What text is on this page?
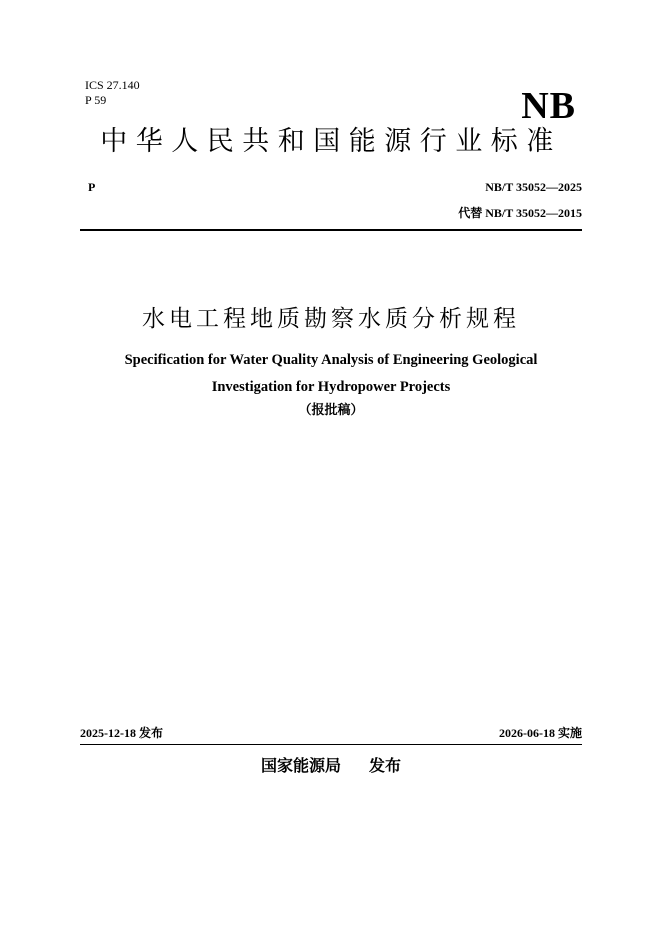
ICS 27.140
P 59	NB
中华人民共和国能源行业标准
P	NB/T 35052—2025
代替 NB/T 35052—2015
水电工程地质勘察水质分析规程
Specification for Water Quality Analysis of Engineering Geological
Investigation for Hydropower Projects
（报批稿）
2025-12-18 发布	2026-06-18 实施
国家能源局 发布
